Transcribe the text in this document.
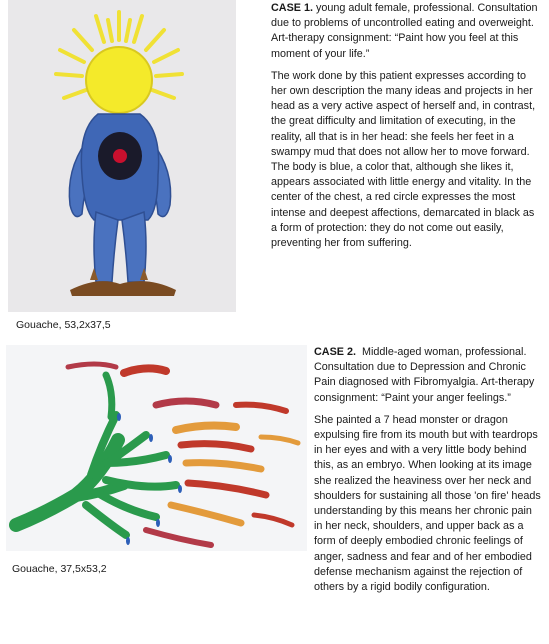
Gouache, 53,2x37,5

CASE 1. young adult female, professional. Consultation due to problems of uncontrolled eating and overweight. Art-therapy consignment: “Paint how you feel at this moment of your life.”

The work done by this patient expresses according to her own description the many ideas and projects in her head as a very active aspect of herself and, in contrast, the great difficulty and limitation of executing, in the reality, all that is in her head: she feels her feet in a swampy mud that does not allow her to move forward. The body is blue, a color that, although she likes it, appears associated with little energy and vitality. In the center of the chest, a red circle expresses the most intense and deepest affections, demarcated in black as a form of protection: they do not come out easily, preventing her from suffering.

Gouache, 37,5x53,2

CASE 2. Middle-aged woman, professional. Consultation due to Depression and Chronic Pain diagnosed with Fibromyalgia. Art-therapy consignment: “Paint your anger feelings.”

She painted a 7 head monster or dragon expulsing fire from its mouth but with teardrops in her eyes and with a very little body behind this, as an embryo. When looking at its image she realized the heaviness over her neck and shoulders for sustaining all those 'on fire' heads understanding by this means her chronic pain in her neck, shoulders, and upper back as a form of deeply embodied chronic feelings of anger, sadness and fear and of her embodied defense mechanism against the rejection of others by a rigid bodily configuration.
